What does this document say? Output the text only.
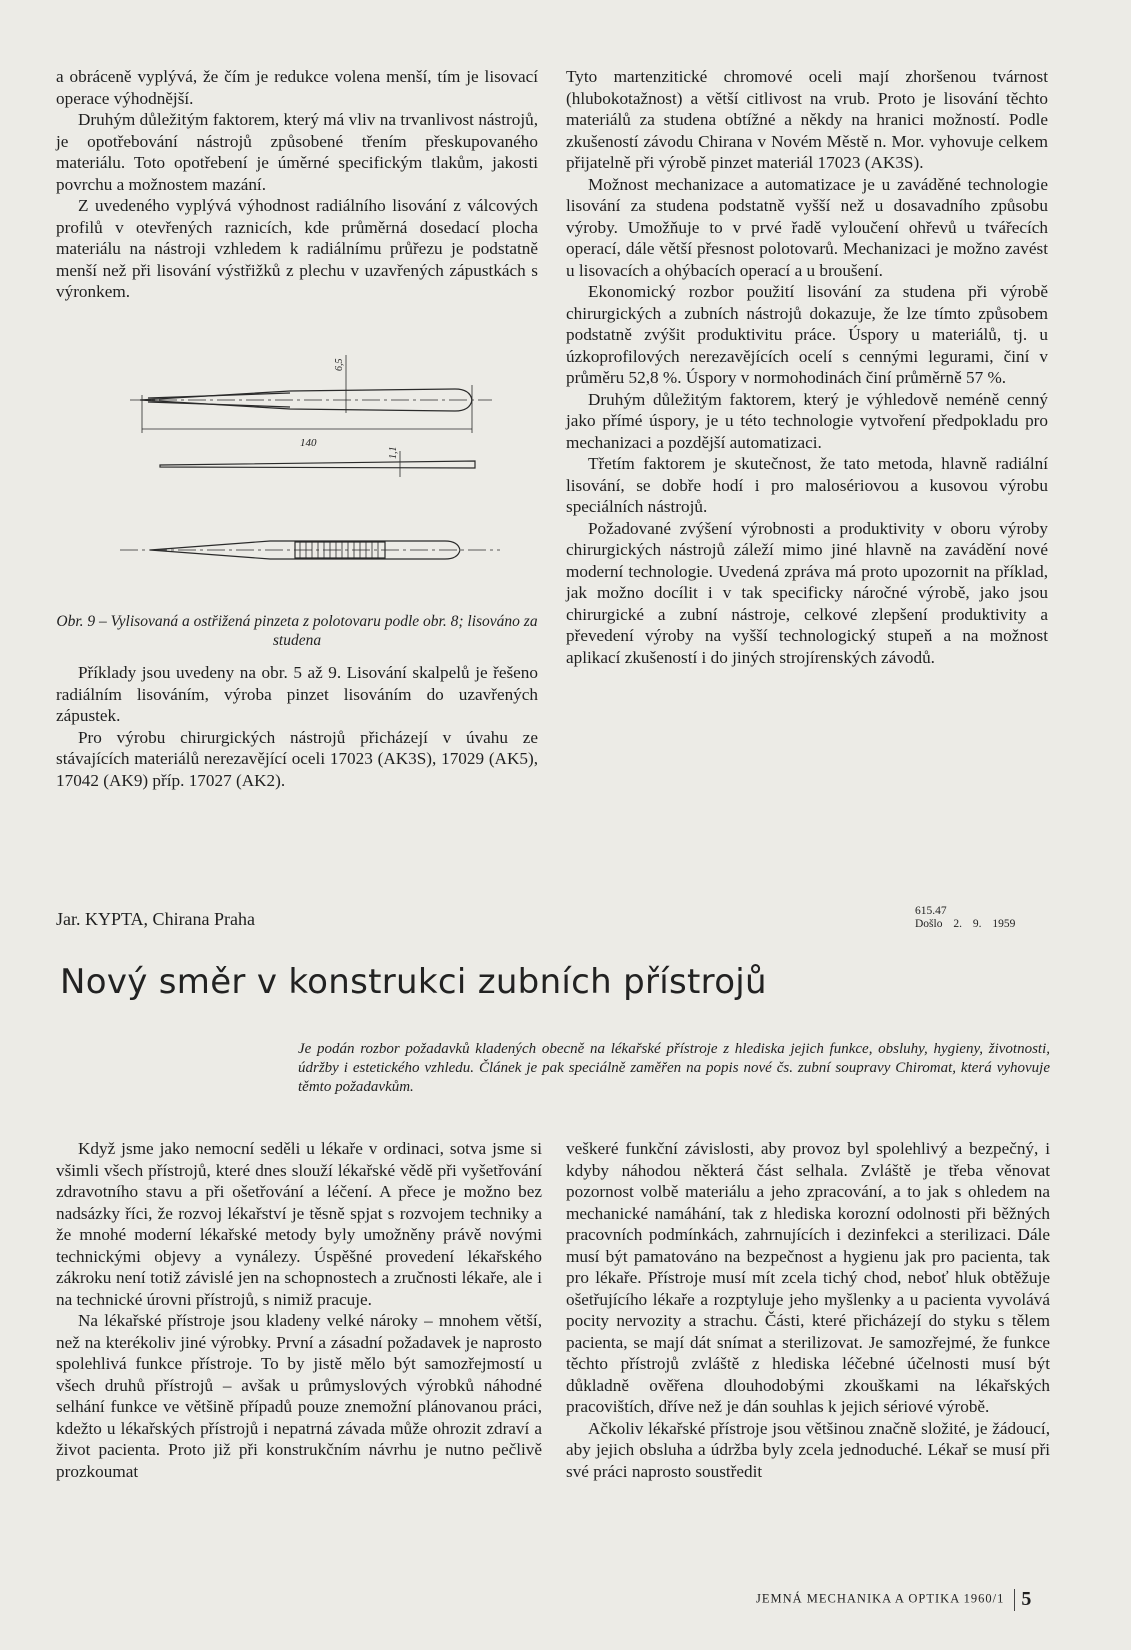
a obráceně vyplývá, že čím je redukce volena menší, tím je lisovací operace výhodnější.

Druhým důležitým faktorem, který má vliv na trvanlivost nástrojů, je opotřebování nástrojů způsobené třením přeskupovaného materiálu. Toto opotřebení je úměrné specifickým tlakům, jakosti povrchu a možnostem mazání.

Z uvedeného vyplývá výhodnost radiálního lisování z válcových profilů v otevřených raznicích, kde průměrná dosedací plocha materiálu na nástroji vzhledem k radiálnímu průřezu je podstatně menší než při lisování výstřižků z plechu v uzavřených zápustkách s výronkem.

140
6,5
1,1
Obr. 9 – Vylisovaná a ostřižená pinzeta z polotovaru podle obr. 8; lisováno za studena

Příklady jsou uvedeny na obr. 5 až 9. Lisování skalpelů je řešeno radiálním lisováním, výroba pinzet lisováním do uzavřených zápustek.

Pro výrobu chirurgických nástrojů přicházejí v úvahu ze stávajících materiálů nerezavějící oceli 17023 (AK3S), 17029 (AK5), 17042 (AK9) příp. 17027 (AK2).

Tyto martenzitické chromové oceli mají zhoršenou tvárnost (hlubokotažnost) a větší citlivost na vrub. Proto je lisování těchto materiálů za studena obtížné a někdy na hranici možností. Podle zkušeností závodu Chirana v Novém Městě n. Mor. vyhovuje celkem přijatelně při výrobě pinzet materiál 17023 (AK3S).

Možnost mechanizace a automatizace je u zaváděné technologie lisování za studena podstatně vyšší než u dosavadního způsobu výroby. Umožňuje to v prvé řadě vyloučení ohřevů u tvářecích operací, dále větší přesnost polotovarů. Mechanizaci je možno zavést u lisovacích a ohýbacích operací a u broušení.

Ekonomický rozbor použití lisování za studena při výrobě chirurgických a zubních nástrojů dokazuje, že lze tímto způsobem podstatně zvýšit produktivitu práce. Úspory u materiálů, tj. u úzkoprofilových nerezavějících ocelí s cennými legurami, činí v průměru 52,8 %. Úspory v normohodinách činí průměrně 57 %.

Druhým důležitým faktorem, který je výhledově neméně cenný jako přímé úspory, je u této technologie vytvoření předpokladu pro mechanizaci a pozdější automatizaci.

Třetím faktorem je skutečnost, že tato metoda, hlavně radiální lisování, se dobře hodí i pro malosériovou a kusovou výrobu speciálních nástrojů.

Požadované zvýšení výrobnosti a produktivity v oboru výroby chirurgických nástrojů záleží mimo jiné hlavně na zavádění nové moderní technologie. Uvedená zpráva má proto upozornit na příklad, jak možno docílit i v tak specificky náročné výrobě, jako jsou chirurgické a zubní nástroje, celkové zlepšení produktivity a převedení výroby na vyšší technologický stupeň a na možnost aplikací zkušeností i do jiných strojírenských závodů.

Jar. KYPTA, Chirana Praha	615.47
Došlo 2. 9. 1959
Nový směr v konstrukci zubních přístrojů
Je podán rozbor požadavků kladených obecně na lékařské přístroje z hlediska jejich funkce, obsluhy, hygieny, životnosti, údržby i estetického vzhledu. Článek je pak speciálně zaměřen na popis nové čs. zubní soupravy Chiromat, která vyhovuje těmto požadavkům.

Když jsme jako nemocní seděli u lékaře v ordinaci, sotva jsme si všimli všech přístrojů, které dnes slouží lékařské vědě při vyšetřování zdravotního stavu a při ošetřování a léčení. A přece je možno bez nadsázky říci, že rozvoj lékařství je těsně spjat s rozvojem techniky a že mnohé moderní lékařské metody byly umožněny právě novými technickými objevy a vynálezy. Úspěšné provedení lékařského zákroku není totiž závislé jen na schopnostech a zručnosti lékaře, ale i na technické úrovni přístrojů, s nimiž pracuje.

Na lékařské přístroje jsou kladeny velké nároky – mnohem větší, než na kterékoliv jiné výrobky. První a zásadní požadavek je naprosto spolehlivá funkce přístroje. To by jistě mělo být samozřejmostí u všech druhů přístrojů – avšak u průmyslových výrobků náhodné selhání funkce ve většině případů pouze znemožní plánovanou práci, kdežto u lékařských přístrojů i nepatrná závada může ohrozit zdraví a život pacienta. Proto již při konstrukčním návrhu je nutno pečlivě prozkoumat

veškeré funkční závislosti, aby provoz byl spolehlivý a bezpečný, i kdyby náhodou některá část selhala. Zvláště je třeba věnovat pozornost volbě materiálu a jeho zpracování, a to jak s ohledem na mechanické namáhání, tak z hlediska korozní odolnosti při běžných pracovních podmínkách, zahrnujících i dezinfekci a sterilizaci. Dále musí být pamatováno na bezpečnost a hygienu jak pro pacienta, tak pro lékaře. Přístroje musí mít zcela tichý chod, neboť hluk obtěžuje ošetřujícího lékaře a rozptyluje jeho myšlenky a u pacienta vyvolává pocity nervozity a strachu. Části, které přicházejí do styku s tělem pacienta, se mají dát snímat a sterilizovat. Je samozřejmé, že funkce těchto přístrojů zvláště z hlediska léčebné účelnosti musí být důkladně ověřena dlouhodobými zkouškami na lékařských pracovištích, dříve než je dán souhlas k jejich sériové výrobě.

Ačkoliv lékařské přístroje jsou většinou značně složité, je žádoucí, aby jejich obsluha a údržba byly zcela jednoduché. Lékař se musí při své práci naprosto soustředit

JEMNÁ MECHANIKA A OPTIKA 1960/1 5
